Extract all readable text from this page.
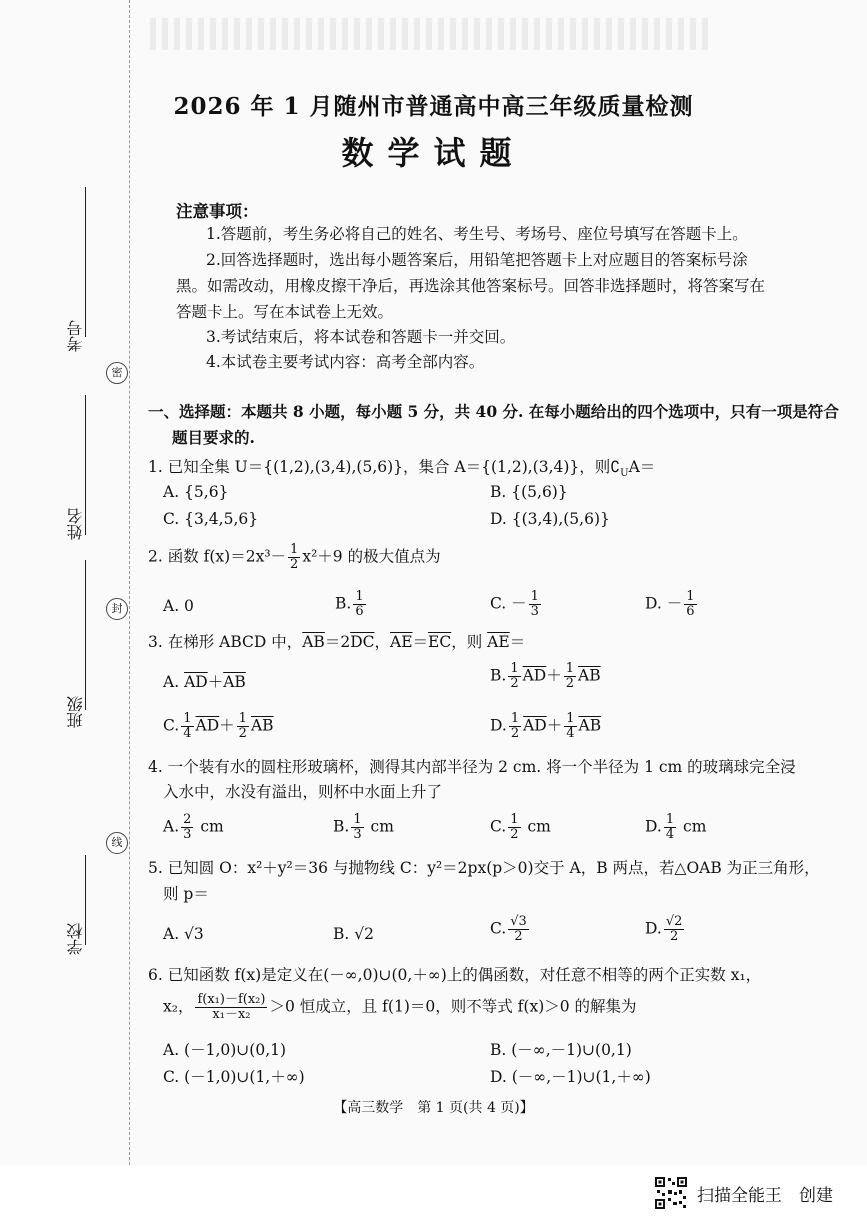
考号
密
姓名
封
班级
线
学校
2026 年 1 月随州市普通高中高三年级质量检测
数学试题
注意事项：
1.答题前，考生务必将自己的姓名、考生号、考场号、座位号填写在答题卡上。
2.回答选择题时，选出每小题答案后，用铅笔把答题卡上对应题目的答案标号涂
黑。如需改动，用橡皮擦干净后，再选涂其他答案标号。回答非选择题时，将答案写在
答题卡上。写在本试卷上无效。
3.考试结束后，将本试卷和答题卡一并交回。
4.本试卷主要考试内容：高考全部内容。
一、选择题：本题共 8 小题，每小题 5 分，共 40 分. 在每小题给出的四个选项中，只有一项是符合
题目要求的.
1. 已知全集 U＝{(1,2),(3,4),(5,6)}，集合 A＝{(1,2),(3,4)}，则$∁_UA=$
A. {5,6}	B. {(5,6)}
C. {3,4,5,6}	D. {(3,4),(5,6)}
2. 函数 $f(x)=2x^3- \frac{1}{2} x^2+9$ 的极大值点为
A. 0	B. $\frac{1}{6}$	C. － $\frac{1}{3}$	D. － $\frac{1}{6}$
3. 在梯形 ABCD 中，$\overline{AB}=2\overline{DC}$，$\overline{AE}=\overline{EC}$，则 $\overline{AE}=$
A. $\overline{AD}+\overline{AB}$	B. $\frac{1}{2} \overline{AD}+ \frac{1}{2} \overline{AB}$
C. $\frac{1}{4} \overline{AD}+ \frac{1}{2} \overline{AB}$	D. $\frac{1}{2} \overline{AD}+ \frac{1}{4} \overline{AB}$
4. 一个装有水的圆柱形玻璃杯，测得其内部半径为 2 cm. 将一个半径为 1 cm 的玻璃球完全浸
入水中，水没有溢出，则杯中水面上升了
A. $\frac{2}{3}$ cm	B. $\frac{1}{3}$ cm	C. $\frac{1}{2}$ cm	D. $\frac{1}{4}$ cm
5. 已知圆 O：x²＋y²＝36 与抛物线 C：y²＝2px(p＞0)交于 A，B 两点，若△OAB 为正三角形，
则 p＝
A. √3	B. √2	C. $\frac{√3}{2}$	D. $\frac{√2}{2}$
6. 已知函数 f(x)是定义在(－∞,0)∪(0,＋∞)上的偶函数，对任意不相等的两个正实数 x₁，
x₂， $\frac{\text{f(x₁)－f(x₂)}}{\text{x₁－x₂}} >0$ 恒成立，且 f(1)＝0，则不等式 f(x)＞0 的解集为
A. (－1,0)∪(0,1)	B. (－∞,－1)∪(0,1)
C. (－1,0)∪(1,＋∞)	D. (－∞,－1)∪(1,＋∞)
【高三数学　第 1 页(共 4 页)】
扫描全能王　创建
